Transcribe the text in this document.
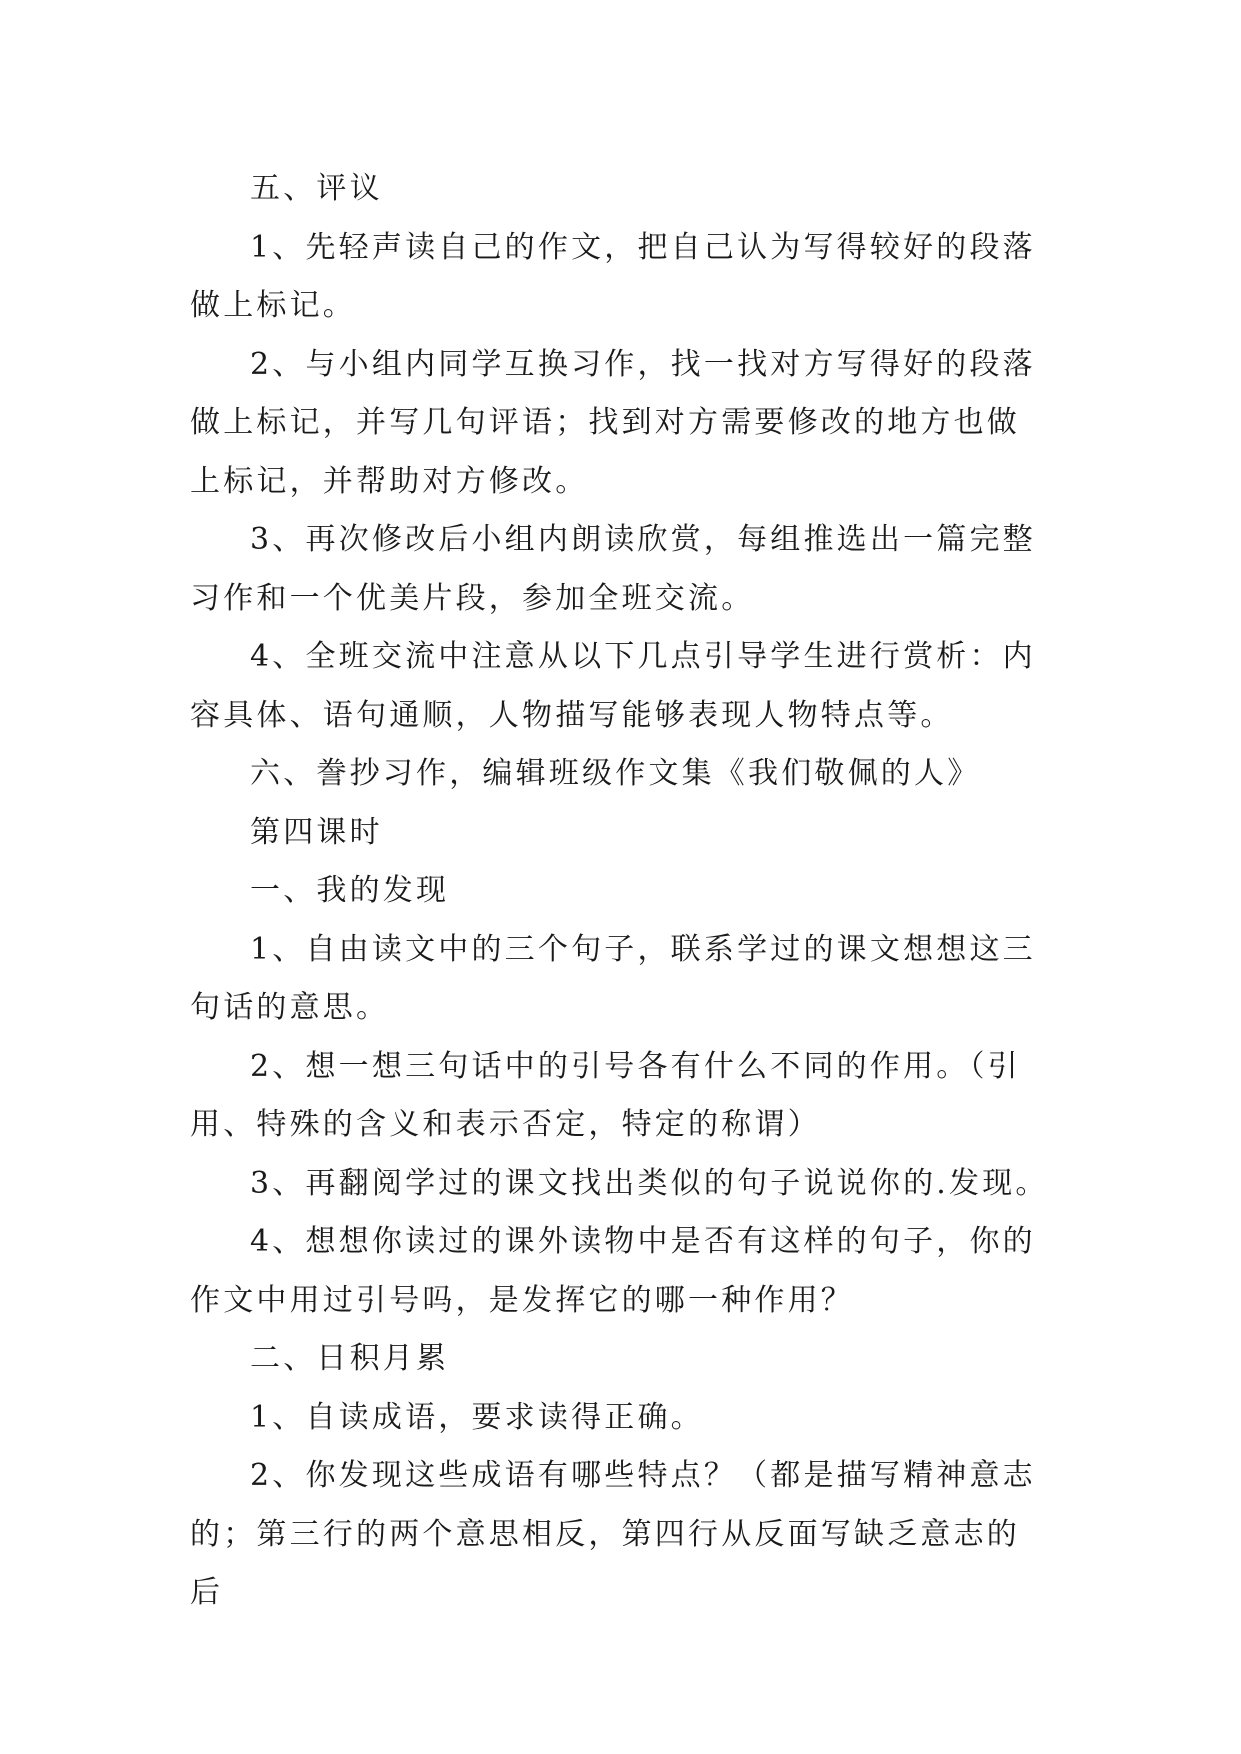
五、评议

1、先轻声读自己的作文，把自己认为写得较好的段落做上标记。

2、与小组内同学互换习作，找一找对方写得好的段落做上标记，并写几句评语；找到对方需要修改的地方也做上标记，并帮助对方修改。

3、再次修改后小组内朗读欣赏，每组推选出一篇完整习作和一个优美片段，参加全班交流。

4、全班交流中注意从以下几点引导学生进行赏析：内容具体、语句通顺，人物描写能够表现人物特点等。

六、誊抄习作，编辑班级作文集《我们敬佩的人》

第四课时

一、我的发现

1、自由读文中的三个句子，联系学过的课文想想这三句话的意思。

2、想一想三句话中的引号各有什么不同的作用。（引用、特殊的含义和表示否定，特定的称谓）

3、再翻阅学过的课文找出类似的句子说说你的.发现。

4、想想你读过的课外读物中是否有这样的句子，你的作文中用过引号吗，是发挥它的哪一种作用？

二、日积月累

1、自读成语，要求读得正确。

2、你发现这些成语有哪些特点？（都是描写精神意志的；第三行的两个意思相反，第四行从反面写缺乏意志的后
